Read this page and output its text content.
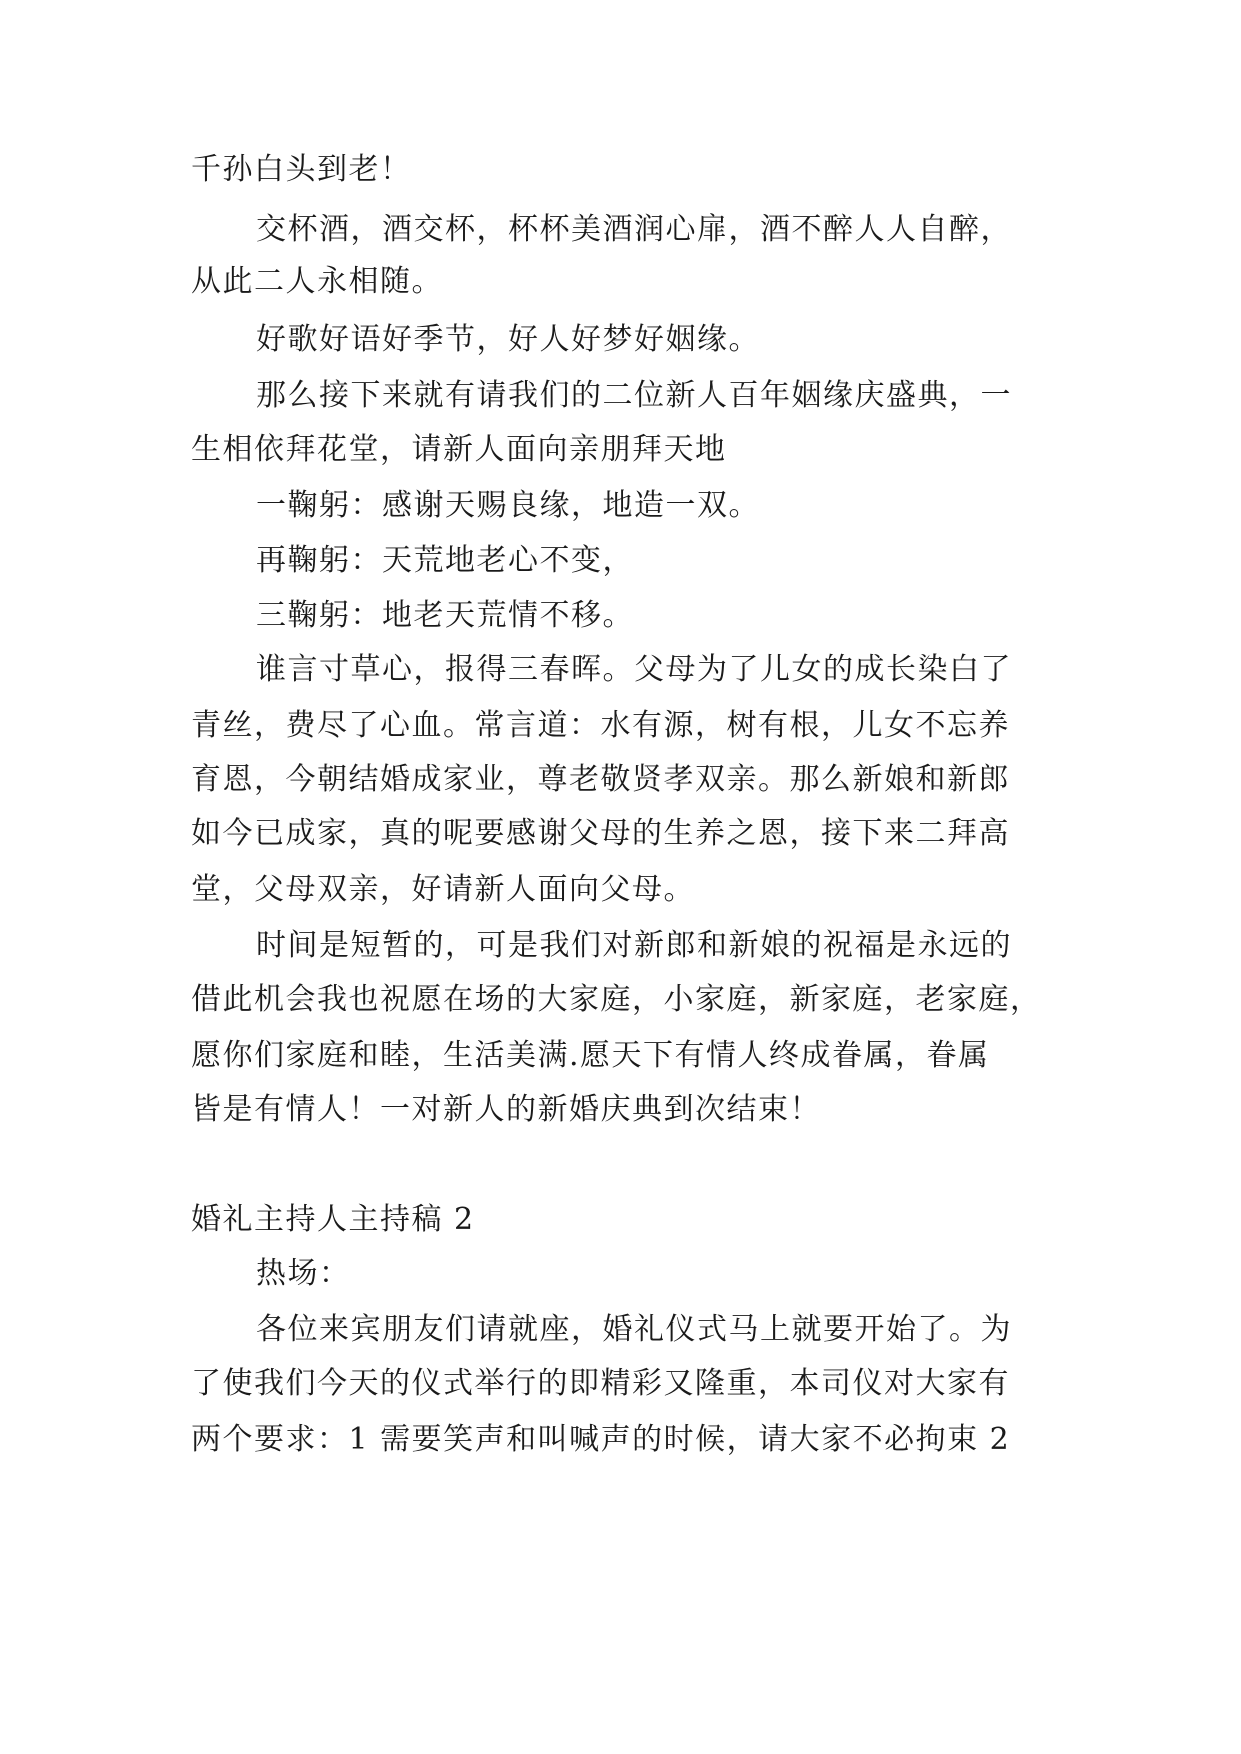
千孙白头到老！
交杯酒，酒交杯，杯杯美酒润心扉，酒不醉人人自醉，
从此二人永相随。
好歌好语好季节，好人好梦好姻缘。
那么接下来就有请我们的二位新人百年姻缘庆盛典，一
生相依拜花堂，请新人面向亲朋拜天地
一鞠躬：感谢天赐良缘，地造一双。
再鞠躬：天荒地老心不变，
三鞠躬：地老天荒情不移。
谁言寸草心，报得三春晖。父母为了儿女的成长染白了
青丝，费尽了心血。常言道：水有源，树有根，儿女不忘养
育恩，今朝结婚成家业，尊老敬贤孝双亲。那么新娘和新郎
如今已成家，真的呢要感谢父母的生养之恩，接下来二拜高
堂，父母双亲，好请新人面向父母。
时间是短暂的，可是我们对新郎和新娘的祝福是永远的
借此机会我也祝愿在场的大家庭，小家庭，新家庭，老家庭，
愿你们家庭和睦，生活美满.愿天下有情人终成眷属，眷属
皆是有情人！一对新人的新婚庆典到次结束！
婚礼主持人主持稿 2
热场：
各位来宾朋友们请就座，婚礼仪式马上就要开始了。为
了使我们今天的仪式举行的即精彩又隆重，本司仪对大家有
两个要求：1 需要笑声和叫喊声的时候，请大家不必拘束 2
